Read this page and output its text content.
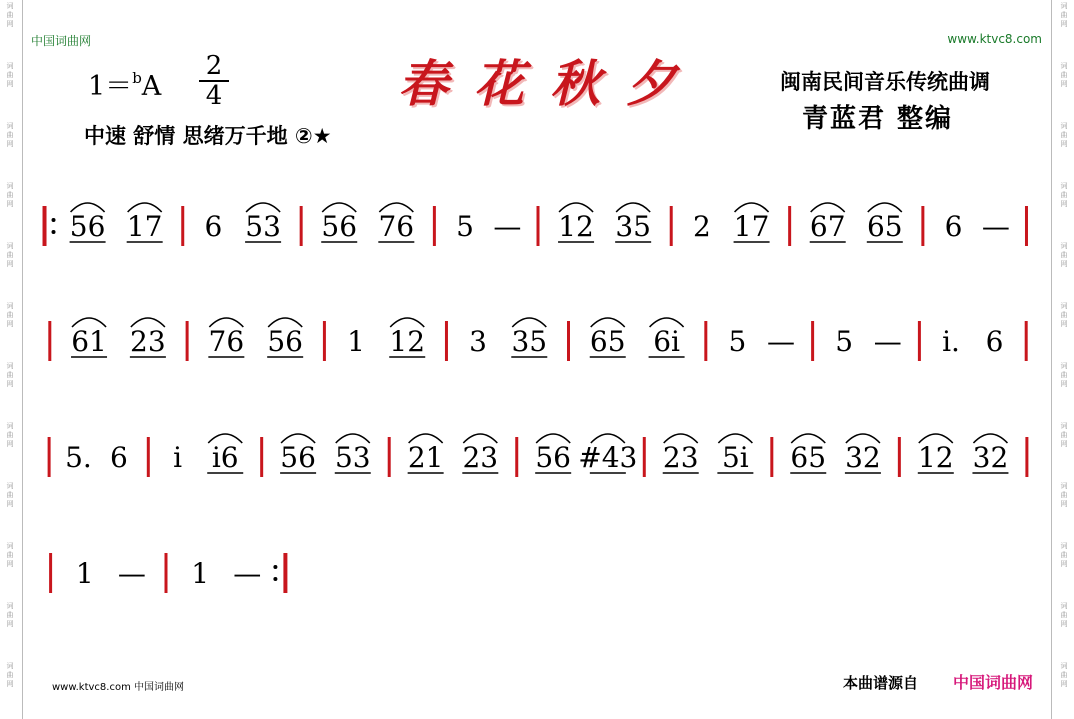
词
曲
网
词
曲
网
词
曲
网
词
曲
网
词
曲
网
词
曲
网
词
曲
网
词
曲
网
词
曲
网
词
曲
网
词
曲
网
词
曲
网
词
曲
网
词
曲
网
词
曲
网
词
曲
网
词
曲
网
词
曲
网
词
曲
网
词
曲
网
词
曲
网
词
曲
网
词
曲
网
词
曲
网
中国词曲网	www.ktvc8.com
1＝$^b$A
2
4
中速 舒情 思绪万千地 ②★
春花秋夕	闽南民间音乐传统曲调
青蓝君 整编
56 17 6 53 56 76 5 — 12 35 2 17 67 65 6 —
61 23 76 56 1 12 3 35 65 6i 5 — 5 — i. 6
5. 6 i i6 56 53 21 23 56 #43 23 5i 65 32 12 32
1 — 1 —
www.ktvc8.com 中国词曲网	本曲谱源自 中国词曲网
